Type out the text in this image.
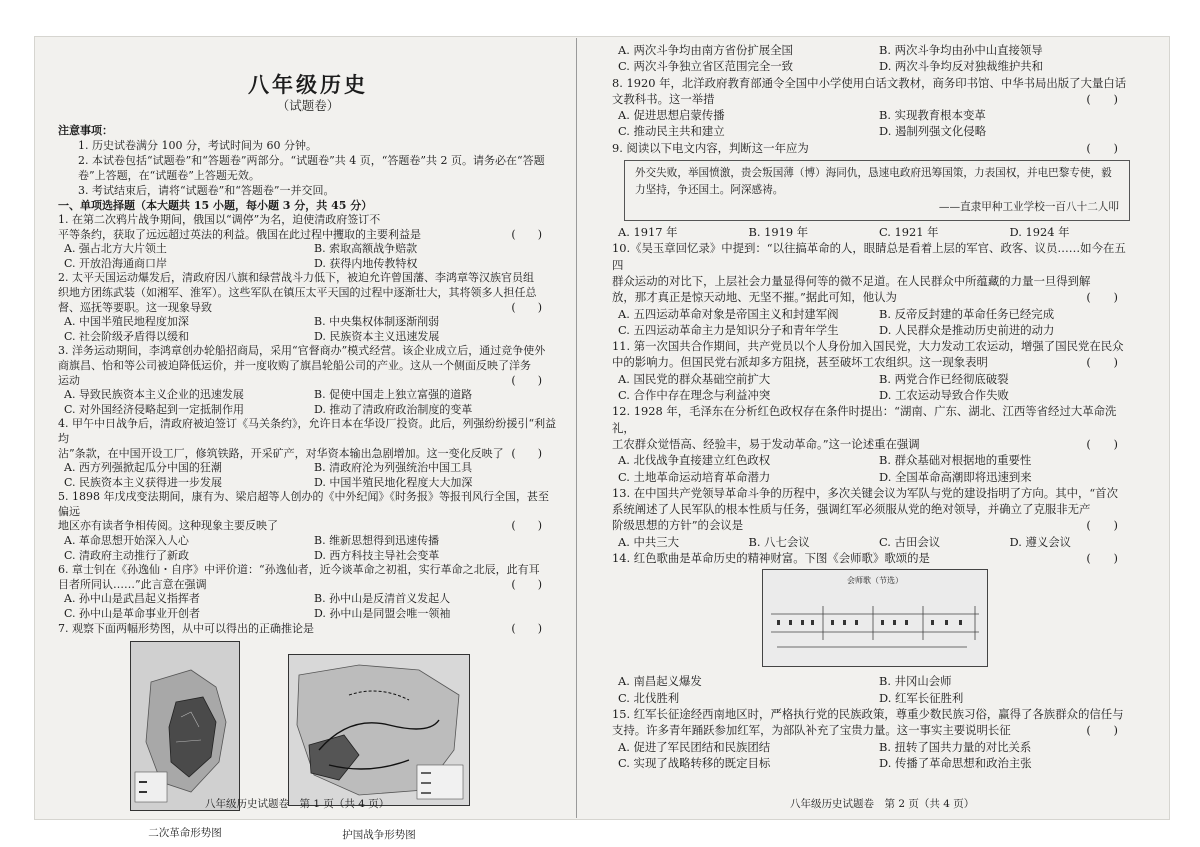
八年级历史
（试题卷）
注意事项：
1. 历史试卷满分 100 分，考试时间为 60 分钟。
2. 本试卷包括“试题卷”和“答题卷”两部分。“试题卷”共 4 页，“答题卷”共 2 页。请务必在“答题
卷”上答题，在“试题卷”上答题无效。
3. 考试结束后，请将“试题卷”和“答题卷”一并交回。
一、单项选择题（本大题共 15 小题，每小题 3 分，共 45 分）
1. 在第二次鸦片战争期间，俄国以“调停”为名，迫使清政府签订不
平等条约，获取了远远超过英法的利益。俄国在此过程中攫取的主要利益是	(　　)
A. 强占北方大片领土	B. 索取高额战争赔款
C. 开放沿海通商口岸	D. 获得内地传教特权
2. 太平天国运动爆发后，清政府因八旗和绿营战斗力低下，被迫允许曾国藩、李鸿章等汉族官员组
织地方团练武装（如湘军、淮军）。这些军队在镇压太平天国的过程中逐渐壮大，其将领多人担任总
督、巡抚等要职。这一现象导致	(　　)
A. 中国半殖民地程度加深	B. 中央集权体制逐渐削弱
C. 社会阶级矛盾得以缓和	D. 民族资本主义迅速发展
3. 洋务运动期间，李鸿章创办轮船招商局，采用“官督商办”模式经营。该企业成立后，通过竞争使外
商旗昌、怡和等公司被迫降低运价，并一度收购了旗昌轮船公司的产业。这从一个侧面反映了洋务
运动	(　　)
A. 导致民族资本主义企业的迅速发展	B. 促使中国走上独立富强的道路
C. 对外国经济侵略起到一定抵制作用	D. 推动了清政府政治制度的变革
4. 甲午中日战争后，清政府被迫签订《马关条约》，允许日本在华设厂投资。此后，列强纷纷援引“利益均
沾”条款，在中国开设工厂，修筑铁路，开采矿产，对华资本输出急剧增加。这一变化反映了 (　　)
A. 西方列强掀起瓜分中国的狂潮	B. 清政府沦为列强统治中国工具
C. 民族资本主义获得进一步发展	D. 中国半殖民地化程度大大加深
5. 1898 年戊戌变法期间，康有为、梁启超等人创办的《中外纪闻》《时务报》等报刊风行全国，甚至偏远
地区亦有读者争相传阅。这种现象主要反映了	(　　)
A. 革命思想开始深入人心	B. 维新思想得到迅速传播
C. 清政府主动推行了新政	D. 西方科技主导社会变革
6. 章士钊在《孙逸仙・自序》中评价道：“孙逸仙者，近今谈革命之初祖，实行革命之北辰，此有耳
目者所同认……”此言意在强调	(　　)
A. 孙中山是武昌起义指挥者	B. 孙中山是反清首义发起人
C. 孙中山是革命事业开创者	D. 孙中山是同盟会唯一领袖
7. 观察下面两幅形势图，从中可以得出的正确推论是	(　　)
二次革命形势图	护国战争形势图
八年级历史试题卷　第 1 页（共 4 页）
A. 两次斗争均由南方省份扩展全国	B. 两次斗争均由孙中山直接领导
C. 两次斗争独立省区范围完全一致	D. 两次斗争均反对独裁维护共和
8. 1920 年，北洋政府教育部通令全国中小学使用白话文教材，商务印书馆、中华书局出版了大量白话
文教科书。这一举措	(　　)
A. 促进思想启蒙传播	B. 实现教育根本变革
C. 推动民主共和建立	D. 遏制列强文化侵略
9. 阅读以下电文内容，判断这一年应为	(　　)
外交失败，举国愤激，贵会叛国薄（博）海同仇，恳速电政府迅筹国策，力表国权，并电巴黎专使，毅力坚持，争还国土。阿深感祷。
——直隶甲种工业学校一百八十二人叩
A. 1917 年	B. 1919 年	C. 1921 年	D. 1924 年
10.《吴玉章回忆录》中提到：“以往搞革命的人，眼睛总是看着上层的军官、政客、议员……如今在五四
群众运动的对比下，上层社会力量显得何等的微不足道。在人民群众中所蕴藏的力量一旦得到解
放，那才真正是惊天动地、无坚不摧。”据此可知，他认为	(　　)
A. 五四运动革命对象是帝国主义和封建军阀	B. 反帝反封建的革命任务已经完成
C. 五四运动革命主力是知识分子和青年学生	D. 人民群众是推动历史前进的动力
11. 第一次国共合作期间，共产党员以个人身份加入国民党，大力发动工农运动，增强了国民党在民众
中的影响力。但国民党右派却多方阻挠，甚至破坏工农组织。这一现象表明	(　　)
A. 国民党的群众基础空前扩大	B. 两党合作已经彻底破裂
C. 合作中存在理念与利益冲突	D. 工农运动导致合作失败
12. 1928 年，毛泽东在分析红色政权存在条件时提出：“湖南、广东、湖北、江西等省经过大革命洗礼，
工农群众觉悟高、经验丰，易于发动革命。”这一论述重在强调	(　　)
A. 北伐战争直接建立红色政权	B. 群众基础对根据地的重要性
C. 土地革命运动培育革命潜力	D. 全国革命高潮即将迅速到来
13. 在中国共产党领导革命斗争的历程中，多次关键会议为军队与党的建设指明了方向。其中，“首次
系统阐述了人民军队的根本性质与任务，强调红军必须服从党的绝对领导，并确立了克服非无产
阶级思想的方针”的会议是	(　　)
A. 中共三大	B. 八七会议	C. 古田会议	D. 遵义会议
14. 红色歌曲是革命历史的精神财富。下图《会师歌》歌颂的是	(　　)
会师歌（节选）
A. 南昌起义爆发	B. 井冈山会师
C. 北伐胜利	D. 红军长征胜利
15. 红军长征途经西南地区时，严格执行党的民族政策，尊重少数民族习俗，赢得了各族群众的信任与
支持。许多青年踊跃参加红军，为部队补充了宝贵力量。这一事实主要说明长征	(　　)
A. 促进了军民团结和民族团结	B. 扭转了国共力量的对比关系
C. 实现了战略转移的既定目标	D. 传播了革命思想和政治主张
八年级历史试题卷　第 2 页（共 4 页）
